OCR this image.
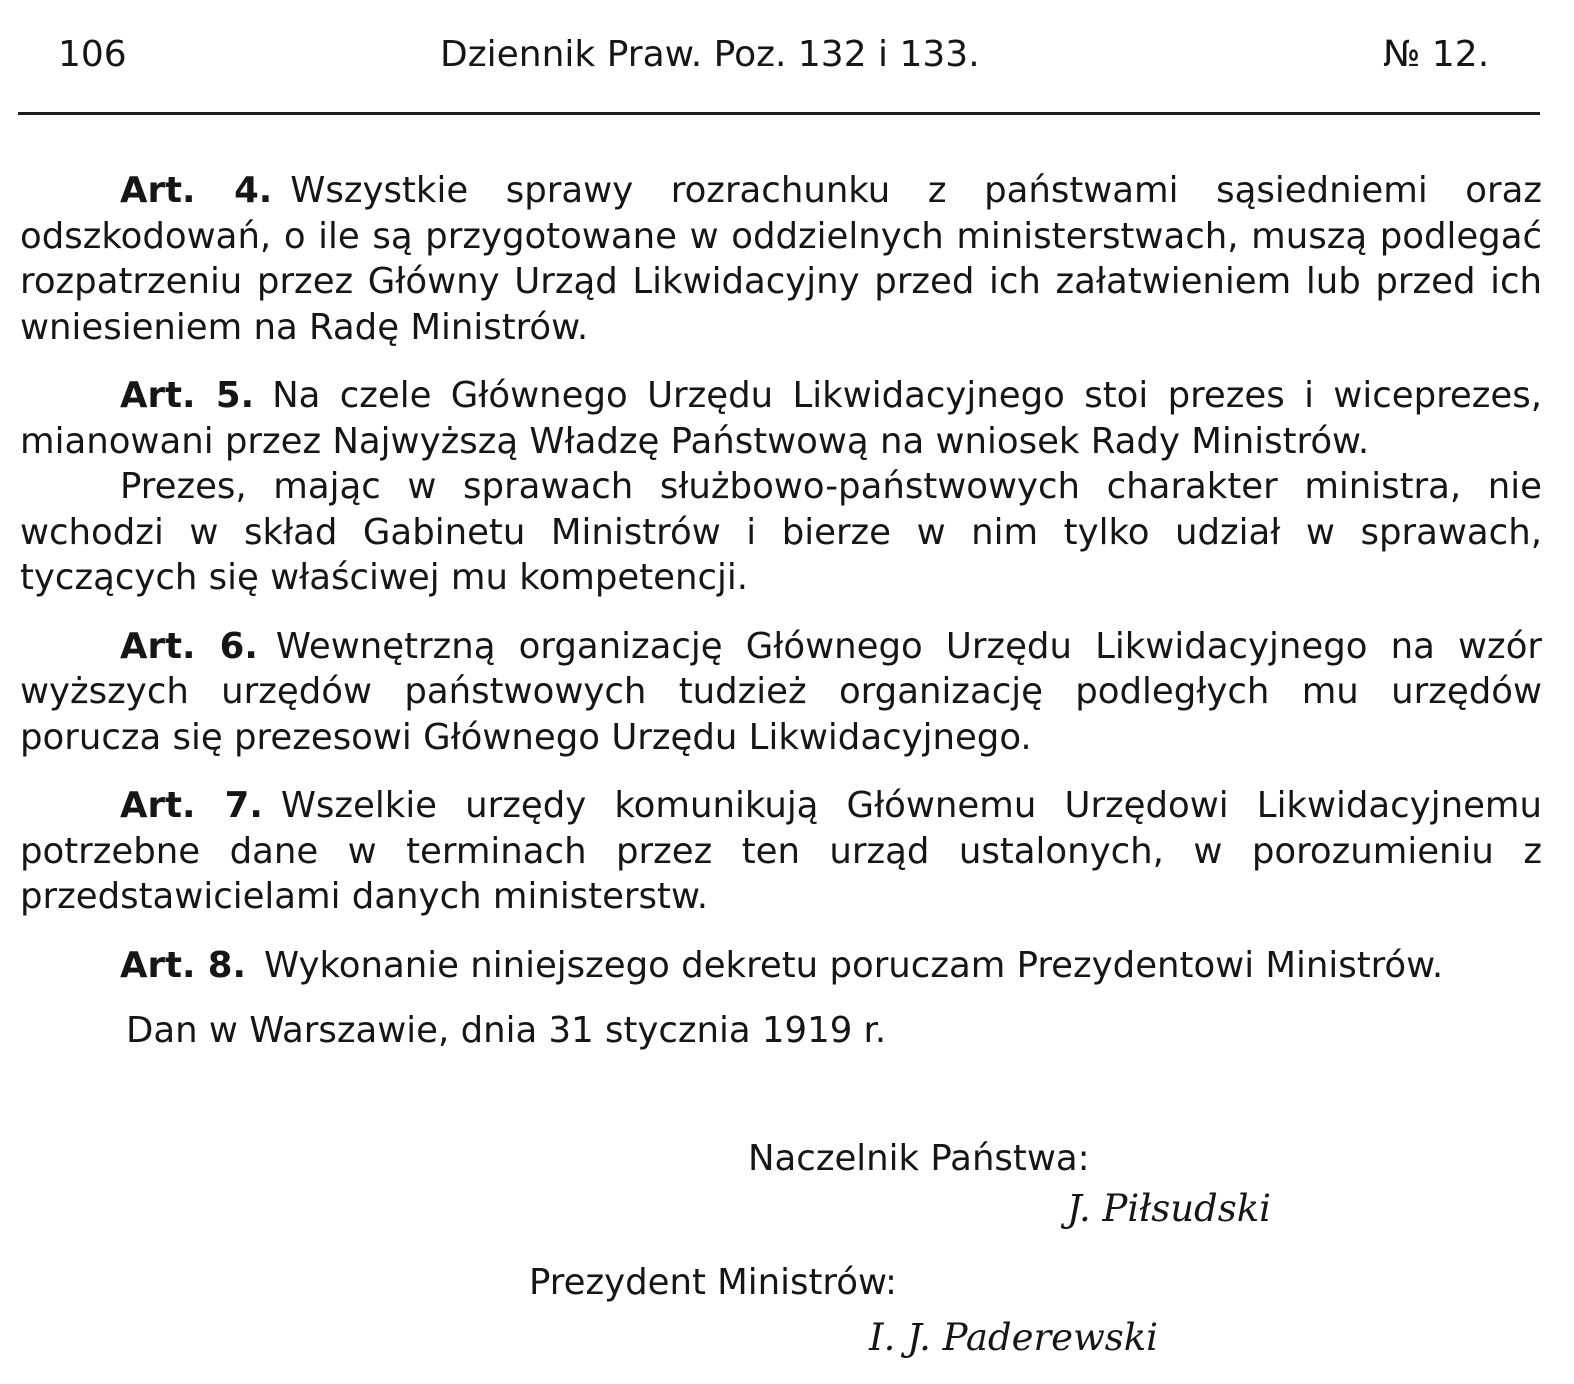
106	Dziennik Praw. Poz. 132 i 133.	№ 12.

Art. 4. Wszystkie sprawy rozrachunku z państwami sąsiedniemi oraz odszkodowań, o ile są przygotowane w oddzielnych ministerstwach, muszą podlegać rozpatrzeniu przez Główny Urząd Likwidacyjny przed ich załatwieniem lub przed ich wniesieniem na Radę Ministrów.

Art. 5. Na czele Głównego Urzędu Likwidacyjnego stoi prezes i wiceprezes, mianowani przez Najwyższą Władzę Państwową na wniosek Rady Ministrów.

Prezes, mając w sprawach służbowo-państwowych charakter ministra, nie wchodzi w skład Gabinetu Ministrów i bierze w nim tylko udział w sprawach, tyczących się właściwej mu kompetencji.

Art. 6. Wewnętrzną organizację Głównego Urzędu Likwidacyjnego na wzór wyższych urzędów państwowych tudzież organizację podległych mu urzędów porucza się prezesowi Głównego Urzędu Likwidacyjnego.

Art. 7. Wszelkie urzędy komunikują Głównemu Urzędowi Likwidacyjnemu potrzebne dane w terminach przez ten urząd ustalonych, w porozumieniu z przedstawicielami danych ministerstw.

Art. 8. Wykonanie niniejszego dekretu poruczam Prezydentowi Ministrów.

Dan w Warszawie, dnia 31 stycznia 1919 r.

Naczelnik Państwa:
J. Piłsudski
Prezydent Ministrów:
I. J. Paderewski
